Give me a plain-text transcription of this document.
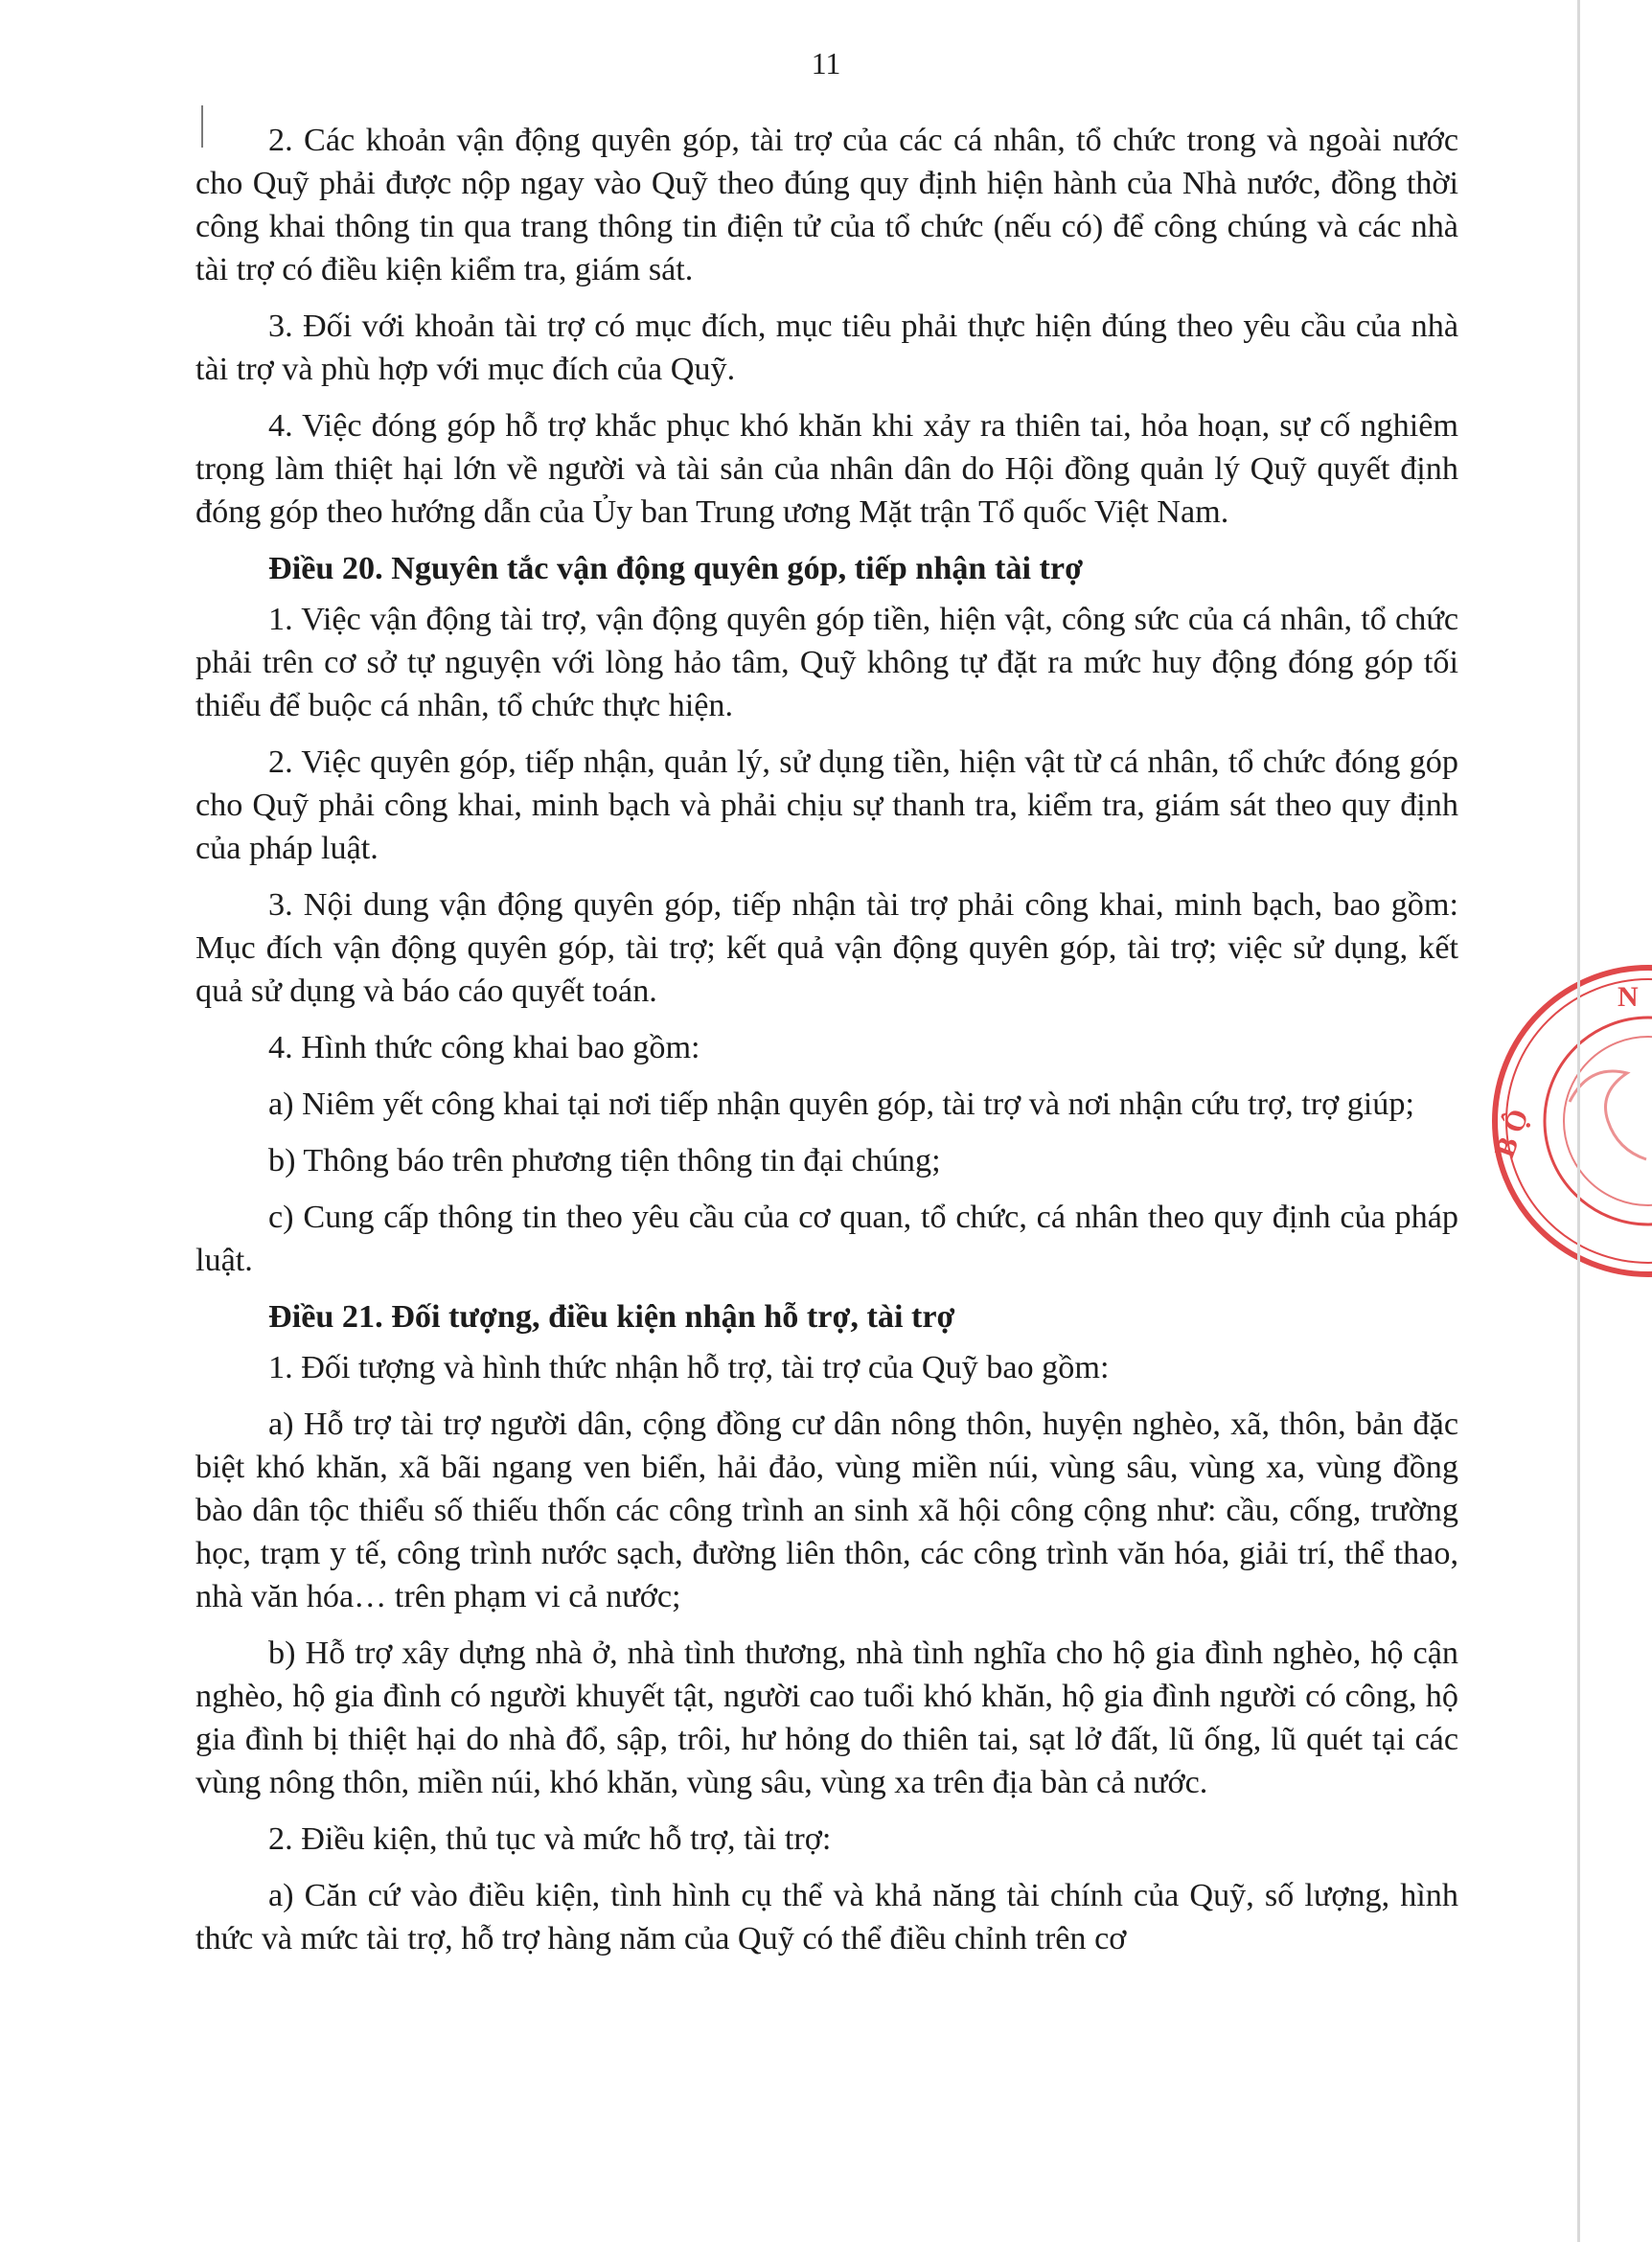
11

2. Các khoản vận động quyên góp, tài trợ của các cá nhân, tổ chức trong và ngoài nước cho Quỹ phải được nộp ngay vào Quỹ theo đúng quy định hiện hành của Nhà nước, đồng thời công khai thông tin qua trang thông tin điện tử của tổ chức (nếu có) để công chúng và các nhà tài trợ có điều kiện kiểm tra, giám sát.

3. Đối với khoản tài trợ có mục đích, mục tiêu phải thực hiện đúng theo yêu cầu của nhà tài trợ và phù hợp với mục đích của Quỹ.

4. Việc đóng góp hỗ trợ khắc phục khó khăn khi xảy ra thiên tai, hỏa hoạn, sự cố nghiêm trọng làm thiệt hại lớn về người và tài sản của nhân dân do Hội đồng quản lý Quỹ quyết định đóng góp theo hướng dẫn của Ủy ban Trung ương Mặt trận Tổ quốc Việt Nam.

Điều 20. Nguyên tắc vận động quyên góp, tiếp nhận tài trợ

1. Việc vận động tài trợ, vận động quyên góp tiền, hiện vật, công sức của cá nhân, tổ chức phải trên cơ sở tự nguyện với lòng hảo tâm, Quỹ không tự đặt ra mức huy động đóng góp tối thiểu để buộc cá nhân, tổ chức thực hiện.

2. Việc quyên góp, tiếp nhận, quản lý, sử dụng tiền, hiện vật từ cá nhân, tổ chức đóng góp cho Quỹ phải công khai, minh bạch và phải chịu sự thanh tra, kiểm tra, giám sát theo quy định của pháp luật.

3. Nội dung vận động quyên góp, tiếp nhận tài trợ phải công khai, minh bạch, bao gồm: Mục đích vận động quyên góp, tài trợ; kết quả vận động quyên góp, tài trợ; việc sử dụng, kết quả sử dụng và báo cáo quyết toán.

4. Hình thức công khai bao gồm:

a) Niêm yết công khai tại nơi tiếp nhận quyên góp, tài trợ và nơi nhận cứu trợ, trợ giúp;

b) Thông báo trên phương tiện thông tin đại chúng;

c) Cung cấp thông tin theo yêu cầu của cơ quan, tổ chức, cá nhân theo quy định của pháp luật.

Điều 21. Đối tượng, điều kiện nhận hỗ trợ, tài trợ

1. Đối tượng và hình thức nhận hỗ trợ, tài trợ của Quỹ bao gồm:

a) Hỗ trợ tài trợ người dân, cộng đồng cư dân nông thôn, huyện nghèo, xã, thôn, bản đặc biệt khó khăn, xã bãi ngang ven biển, hải đảo, vùng miền núi, vùng sâu, vùng xa, vùng đồng bào dân tộc thiểu số thiếu thốn các công trình an sinh xã hội công cộng như: cầu, cống, trường học, trạm y tế, công trình nước sạch, đường liên thôn, các công trình văn hóa, giải trí, thể thao, nhà văn hóa… trên phạm vi cả nước;

b) Hỗ trợ xây dựng nhà ở, nhà tình thương, nhà tình nghĩa cho hộ gia đình nghèo, hộ cận nghèo, hộ gia đình có người khuyết tật, người cao tuổi khó khăn, hộ gia đình người có công, hộ gia đình bị thiệt hại do nhà đổ, sập, trôi, hư hỏng do thiên tai, sạt lở đất, lũ ống, lũ quét tại các vùng nông thôn, miền núi, khó khăn, vùng sâu, vùng xa trên địa bàn cả nước.

2. Điều kiện, thủ tục và mức hỗ trợ, tài trợ:

a) Căn cứ vào điều kiện, tình hình cụ thể và khả năng tài chính của Quỹ, số lượng, hình thức và mức tài trợ, hỗ trợ hàng năm của Quỹ có thể điều chỉnh trên cơ

B Ộ
N
